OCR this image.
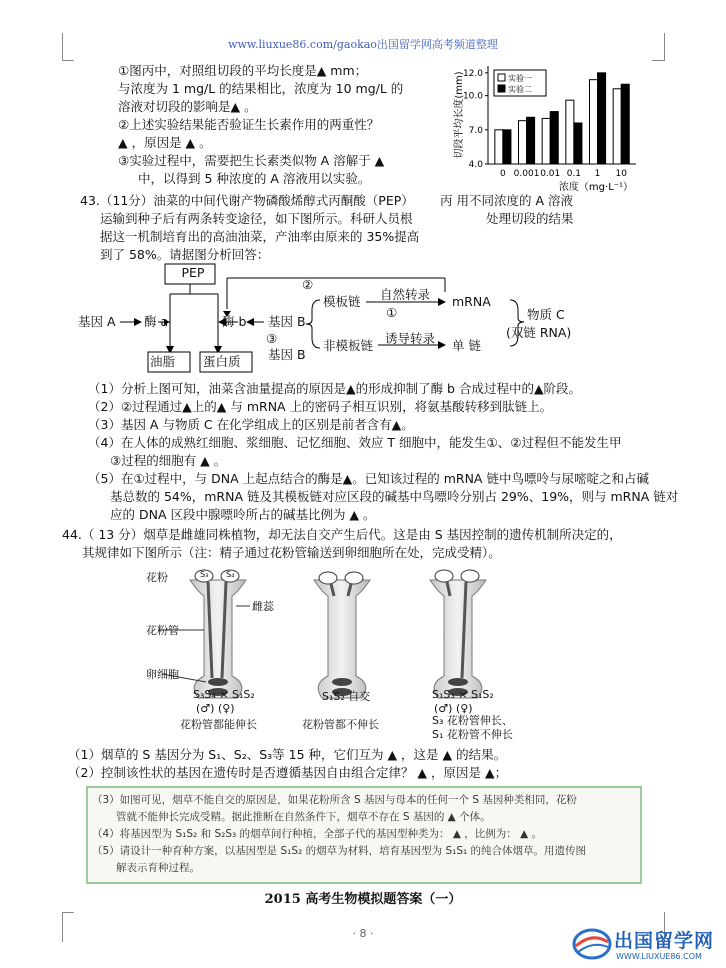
www.liuxue86.com/gaokao出国留学网高考频道整理
①图丙中，对照组切段的平均长度是▲ mm；
与浓度为 1 mg/L 的结果相比，浓度为 10 mg/L 的
溶液对切段的影响是▲ 。
②上述实验结果能否验证生长素作用的两重性？
▲ ，原因是 ▲ 。
③实验过程中，需要把生长素类似物 A 溶解于 ▲
中，以得到 5 种浓度的 A 溶液用以实验。
4.0
7.0
10.0
12.0
切段平均长度(mm)
0 0.001 0.01 0.1 1 10
浓度（mg·L⁻¹）
实验一
实验二
丙 用不同浓度的 A 溶液
处理切段的结果
43.（11分）油菜的中间代谢产物磷酸烯醇式丙酮酸（PEP）
运输到种子后有两条转变途径，如下图所示。科研人员根
据这一机制培育出的高油油菜，产油率由原来的 35%提高
到了 58%。请据图分析回答：
PEP
基因 A 酶 a	酶 b 基因 B
基因 B
油脂 蛋白质
模板链
非模板链
自然转录
诱导转录
mRNA
单 链
物质 C
(双链 RNA)
①
②
③
（1）分析上图可知，油菜含油量提高的原因是▲的形成抑制了酶 b 合成过程中的▲阶段。
（2）②过程通过▲上的▲ 与 mRNA 上的密码子相互识别，将氨基酸转移到肽链上。
（3）基因 A 与物质 C 在化学组成上的区别是前者含有▲。
（4）在人体的成熟红细胞、浆细胞、记忆细胞、效应 T 细胞中，能发生①、②过程但不能发生甲
③过程的细胞有 ▲ 。
（5）在①过程中，与 DNA 上起点结合的酶是▲。已知该过程的 mRNA 链中鸟嘌呤与尿嘧啶之和占碱
基总数的 54%，mRNA 链及其模板链对应区段的碱基中鸟嘌呤分别占 29%、19%，则与 mRNA 链对
应的 DNA 区段中腺嘌呤所占的碱基比例为 ▲ 。
44.（ 13 分）烟草是雌雄同株植物，却无法自交产生后代。这是由 S 基因控制的遗传机制所决定的，
其规律如下图所示（注：精子通过花粉管输送到卵细胞所在处，完成受精）。
花粉
雌蕊
花粉管
卵细胞
S₃ S₄
S₃S₄ × S₁S₂
(♂) (♀)
花粉管都能伸长
S₁S₂ 自交
花粉管都不伸长
S₁S₃ × S₁S₂
(♂) (♀)
S₃ 花粉管伸长、
S₁ 花粉管不伸长
（1）烟草的 S 基因分为 S₁、S₂、S₃等 15 种，它们互为 ▲ ，这是 ▲ 的结果。
（2）控制该性状的基因在遗传时是否遵循基因自由组合定律？ ▲ ，原因是 ▲；
（3）如图可见，烟草不能自交的原因是，如果花粉所含 S 基因与母本的任何一个 S 基因种类相同，花粉
管就不能伸长完成受精。据此推断在自然条件下，烟草不存在 S 基因的 ▲ 个体。
（4）将基因型为 S₁S₂ 和 S₂S₃ 的烟草间行种植，全部子代的基因型种类为： ▲ ，比例为： ▲ 。
（5）请设计一种育种方案，以基因型是 S₁S₂ 的烟草为材料，培育基因型为 S₁S₁ 的纯合体烟草。用遗传图
解表示育种过程。
2015 高考生物模拟题答案（一）
· 8 ·	出国留学网
WWW.LIUXUE86.COM
